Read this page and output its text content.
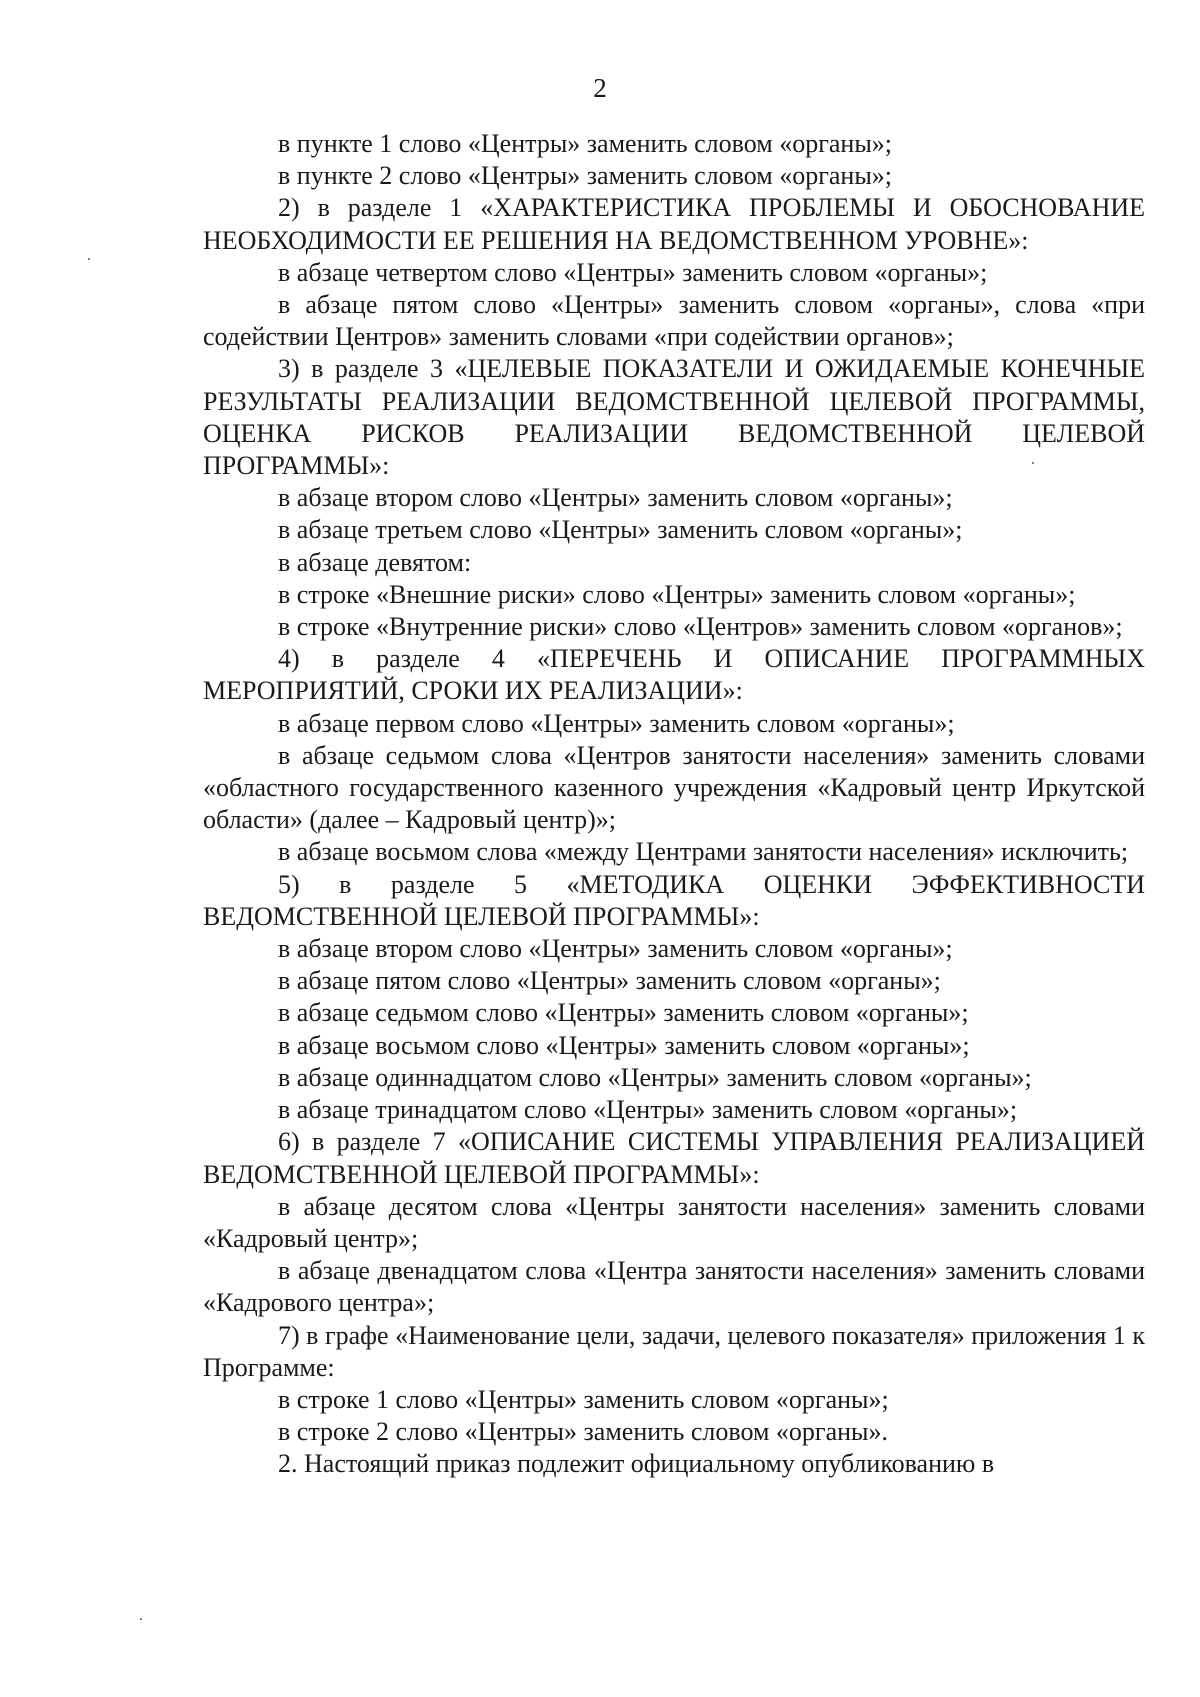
2

в пункте 1 слово «Центры» заменить словом «органы»;

в пункте 2 слово «Центры» заменить словом «органы»;

2) в разделе 1 «ХАРАКТЕРИСТИКА ПРОБЛЕМЫ И ОБОСНОВАНИЕ НЕОБХОДИМОСТИ ЕЕ РЕШЕНИЯ НА ВЕДОМСТВЕННОМ УРОВНЕ»:

в абзаце четвертом слово «Центры» заменить словом «органы»;

в абзаце пятом слово «Центры» заменить словом «органы», слова «при содействии Центров» заменить словами «при содействии органов»;

3) в разделе 3 «ЦЕЛЕВЫЕ ПОКАЗАТЕЛИ И ОЖИДАЕМЫЕ КОНЕЧНЫЕ РЕЗУЛЬТАТЫ РЕАЛИЗАЦИИ ВЕДОМСТВЕННОЙ ЦЕЛЕВОЙ ПРОГРАММЫ, ОЦЕНКА РИСКОВ РЕАЛИЗАЦИИ ВЕДОМСТВЕННОЙ ЦЕЛЕВОЙ ПРОГРАММЫ»:

в абзаце втором слово «Центры» заменить словом «органы»;

в абзаце третьем слово «Центры» заменить словом «органы»;

в абзаце девятом:

в строке «Внешние риски» слово «Центры» заменить словом «органы»;

в строке «Внутренние риски» слово «Центров» заменить словом «органов»;

4) в разделе 4 «ПЕРЕЧЕНЬ И ОПИСАНИЕ ПРОГРАММНЫХ МЕРОПРИЯТИЙ, СРОКИ ИХ РЕАЛИЗАЦИИ»:

в абзаце первом слово «Центры» заменить словом «органы»;

в абзаце седьмом слова «Центров занятости населения» заменить словами «областного государственного казенного учреждения «Кадровый центр Иркутской области» (далее – Кадровый центр)»;

в абзаце восьмом слова «между Центрами занятости населения» исключить;

5) в разделе 5 «МЕТОДИКА ОЦЕНКИ ЭФФЕКТИВНОСТИ ВЕДОМСТВЕННОЙ ЦЕЛЕВОЙ ПРОГРАММЫ»:

в абзаце втором слово «Центры» заменить словом «органы»;

в абзаце пятом слово «Центры» заменить словом «органы»;

в абзаце седьмом слово «Центры» заменить словом «органы»;

в абзаце восьмом слово «Центры» заменить словом «органы»;

в абзаце одиннадцатом слово «Центры» заменить словом «органы»;

в абзаце тринадцатом слово «Центры» заменить словом «органы»;

6) в разделе 7 «ОПИСАНИЕ СИСТЕМЫ УПРАВЛЕНИЯ РЕАЛИЗАЦИЕЙ ВЕДОМСТВЕННОЙ ЦЕЛЕВОЙ ПРОГРАММЫ»:

в абзаце десятом слова «Центры занятости населения» заменить словами «Кадровый центр»;

в абзаце двенадцатом слова «Центра занятости населения» заменить словами «Кадрового центра»;

7) в графе «Наименование цели, задачи, целевого показателя» приложения 1 к Программе:

в строке 1 слово «Центры» заменить словом «органы»;

в строке 2 слово «Центры» заменить словом «органы».

2. Настоящий приказ подлежит официальному опубликованию в
